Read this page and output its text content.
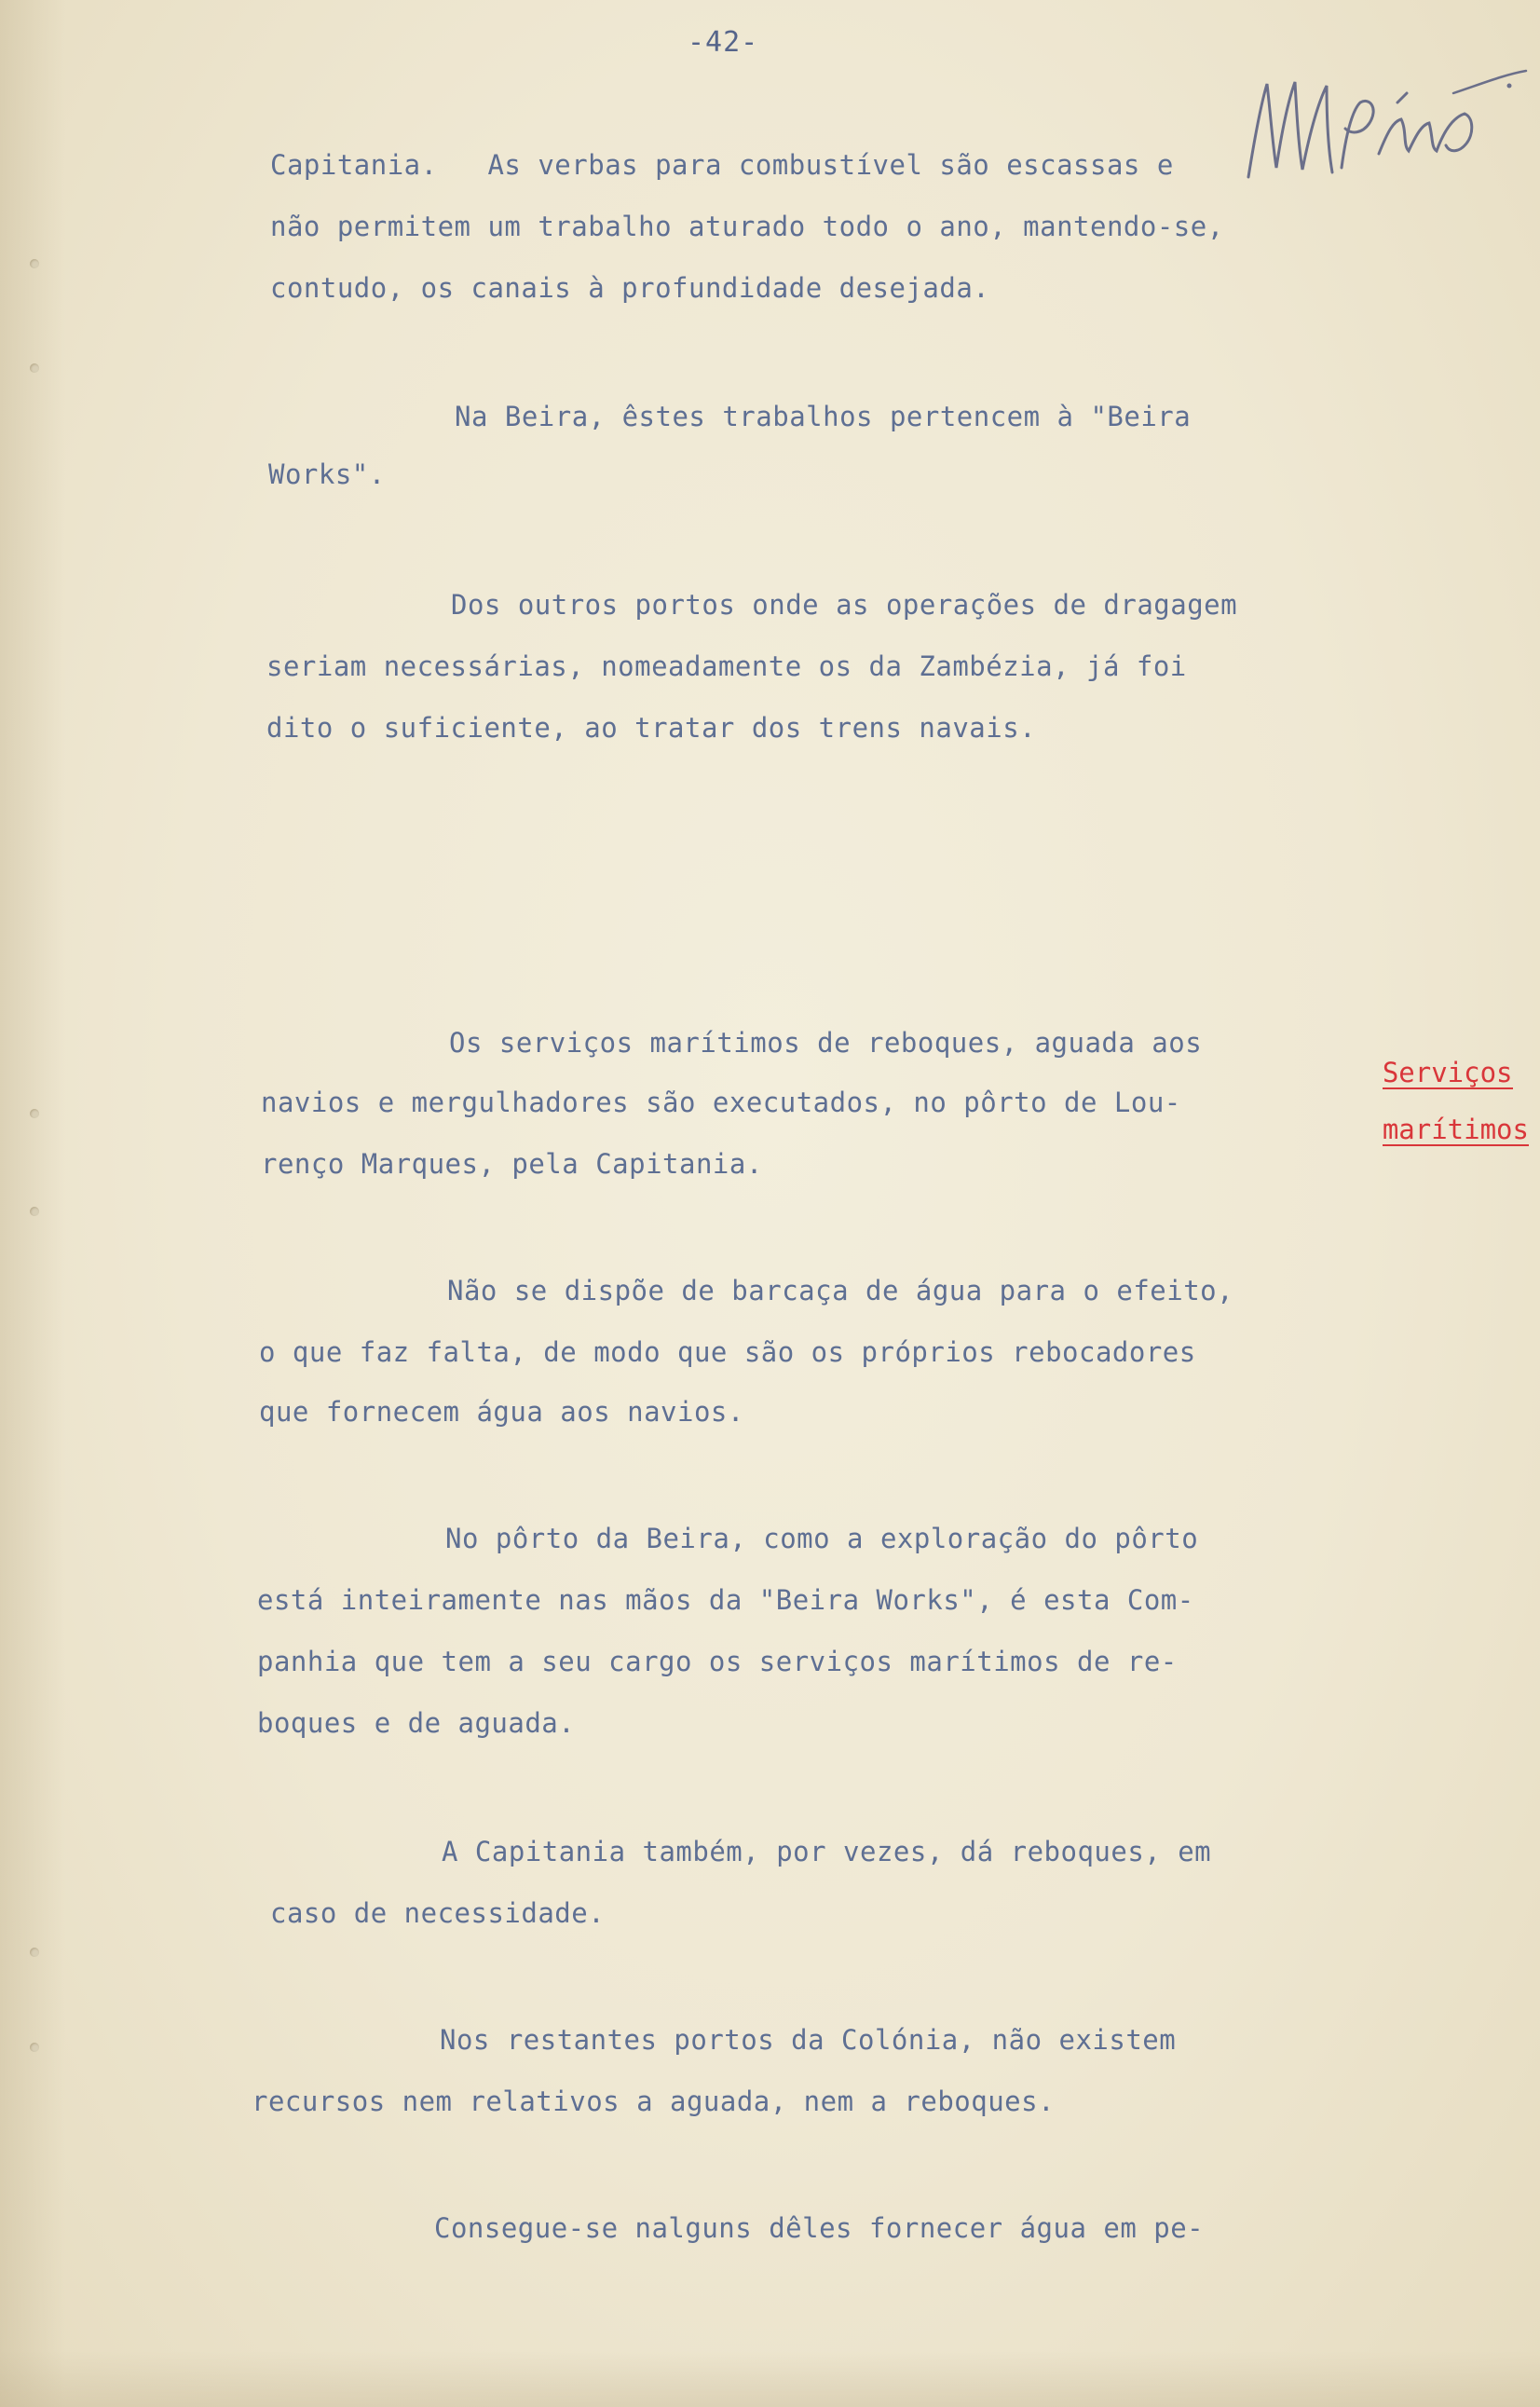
-42-
Capitania.   As verbas para combustível são escassas e
não permitem um trabalho aturado todo o ano, mantendo-se,
contudo, os canais à profundidade desejada.
Na Beira, êstes trabalhos pertencem à "Beira
Works".
Dos outros portos onde as operações de dragagem
seriam necessárias, nomeadamente os da Zambézia, já foi
dito o suficiente, ao tratar dos trens navais.
Os serviços marítimos de reboques, aguada aos
navios e mergulhadores são executados, no pôrto de Lou-
renço Marques, pela Capitania.

Serviços

marítimos

Não se dispõe de barcaça de água para o efeito,
o que faz falta, de modo que são os próprios rebocadores
que fornecem água aos navios.
No pôrto da Beira, como a exploração do pôrto
está inteiramente nas mãos da "Beira Works", é esta Com-
panhia que tem a seu cargo os serviços marítimos de re-
boques e de aguada.
A Capitania também, por vezes, dá reboques, em
caso de necessidade.
Nos restantes portos da Colónia, não existem
recursos nem relativos a aguada, nem a reboques.
Consegue-se nalguns dêles fornecer água em pe-
